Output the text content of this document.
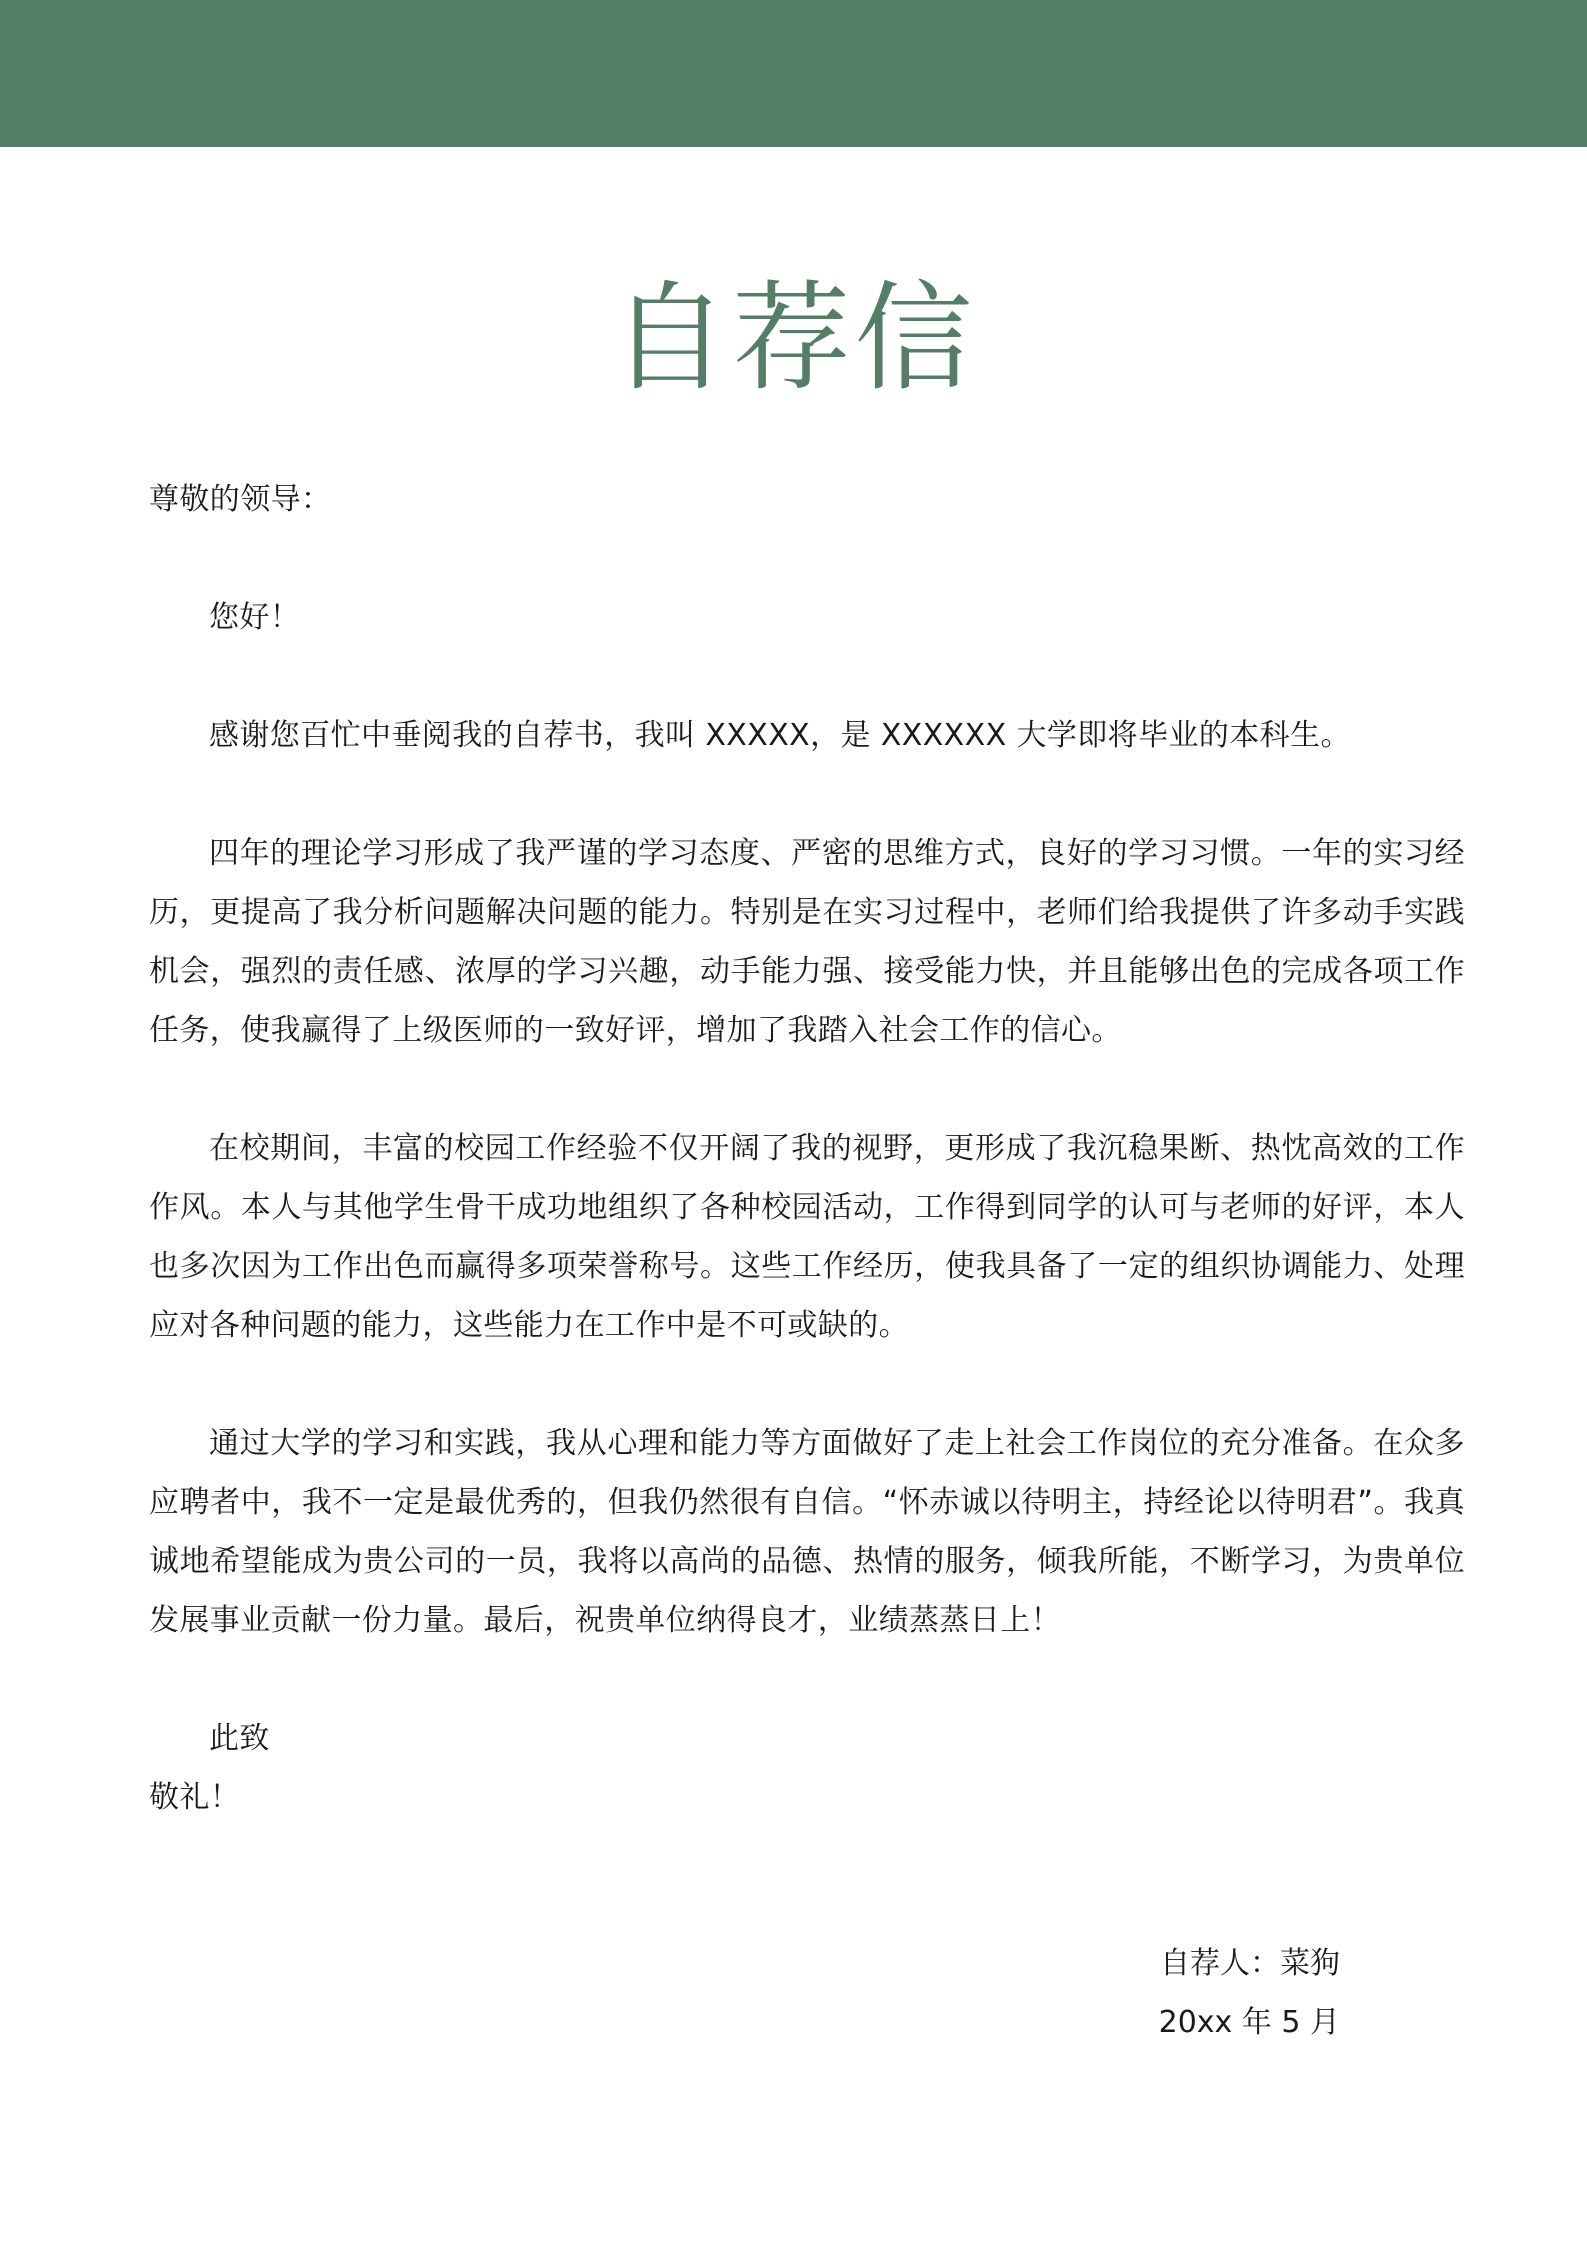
自荐信

尊敬的领导：

您好！

感谢您百忙中垂阅我的自荐书，我叫 XXXXX，是 XXXXXX 大学即将毕业的本科生。

四年的理论学习形成了我严谨的学习态度、严密的思维方式，良好的学习习惯。一年的实习经历，更提高了我分析问题解决问题的能力。特别是在实习过程中，老师们给我提供了许多动手实践机会，强烈的责任感、浓厚的学习兴趣，动手能力强、接受能力快，并且能够出色的完成各项工作任务，使我赢得了上级医师的一致好评，增加了我踏入社会工作的信心。

在校期间，丰富的校园工作经验不仅开阔了我的视野，更形成了我沉稳果断、热忱高效的工作作风。本人与其他学生骨干成功地组织了各种校园活动，工作得到同学的认可与老师的好评，本人也多次因为工作出色而赢得多项荣誉称号。这些工作经历，使我具备了一定的组织协调能力、处理应对各种问题的能力，这些能力在工作中是不可或缺的。

通过大学的学习和实践，我从心理和能力等方面做好了走上社会工作岗位的充分准备。在众多应聘者中，我不一定是最优秀的，但我仍然很有自信。“怀赤诚以待明主，持经论以待明君”。我真诚地希望能成为贵公司的一员，我将以高尚的品德、热情的服务，倾我所能，不断学习，为贵单位发展事业贡献一份力量。最后，祝贵单位纳得良才，业绩蒸蒸日上！

此致

敬礼！

自荐人：菜狗

20xx 年 5 月
